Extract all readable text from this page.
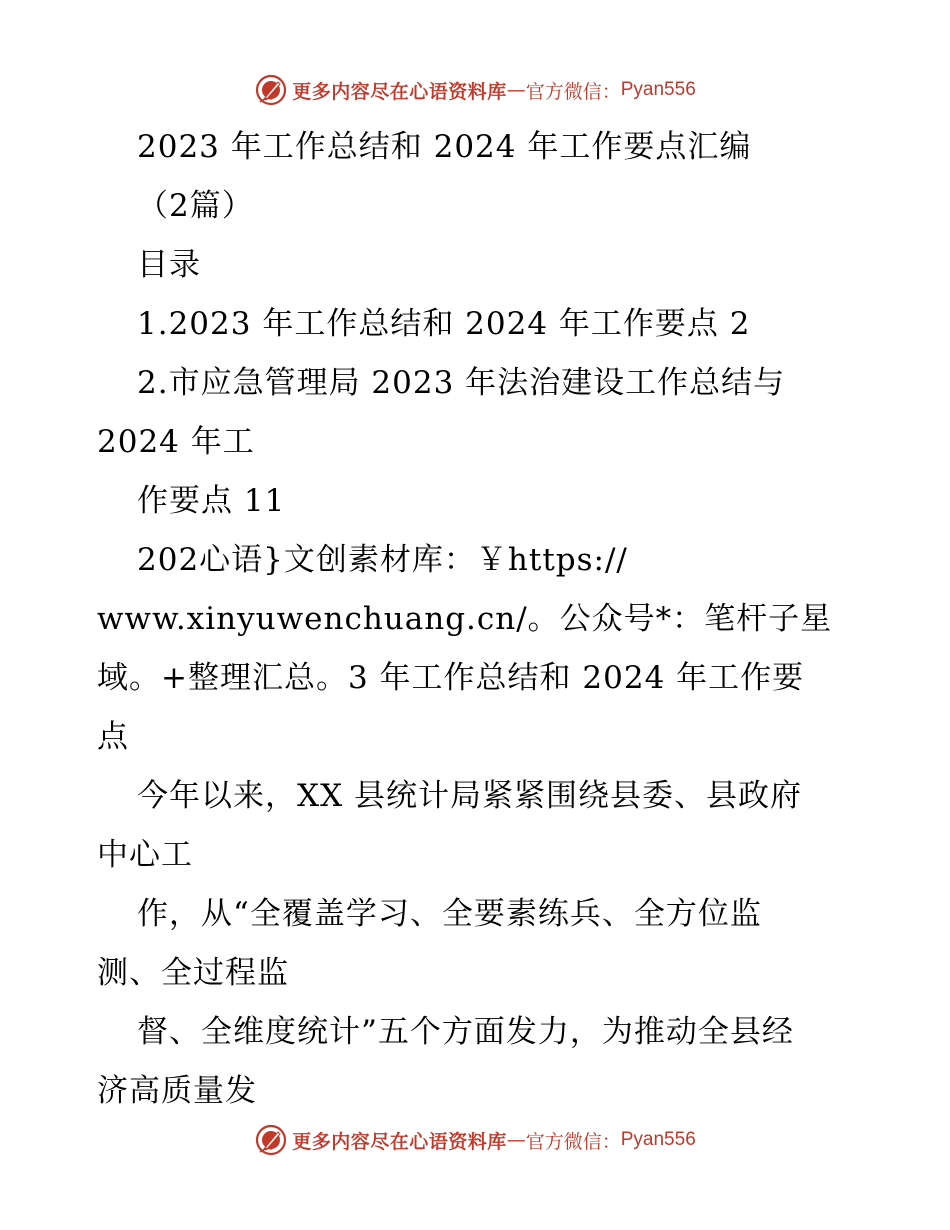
更多内容尽在心语资料库 — 官方微信： Pyan556
2023 年工作总结和 2024 年工作要点汇编
（2篇）
目录
1.2023 年工作总结和 2024 年工作要点 2
2.市应急管理局 2023 年法治建设工作总结与
2024 年工
作要点 11
202心语}文创素材库：￥https://
www.xinyuwenchuang.cn/。公众号*：笔杆子星
域。+整理汇总。3 年工作总结和 2024 年工作要
点
今年以来，XX 县统计局紧紧围绕县委、县政府
中心工
作，从“全覆盖学习、全要素练兵、全方位监
测、全过程监
督、全维度统计”五个方面发力，为推动全县经
济高质量发
更多内容尽在心语资料库 — 官方微信： Pyan556
